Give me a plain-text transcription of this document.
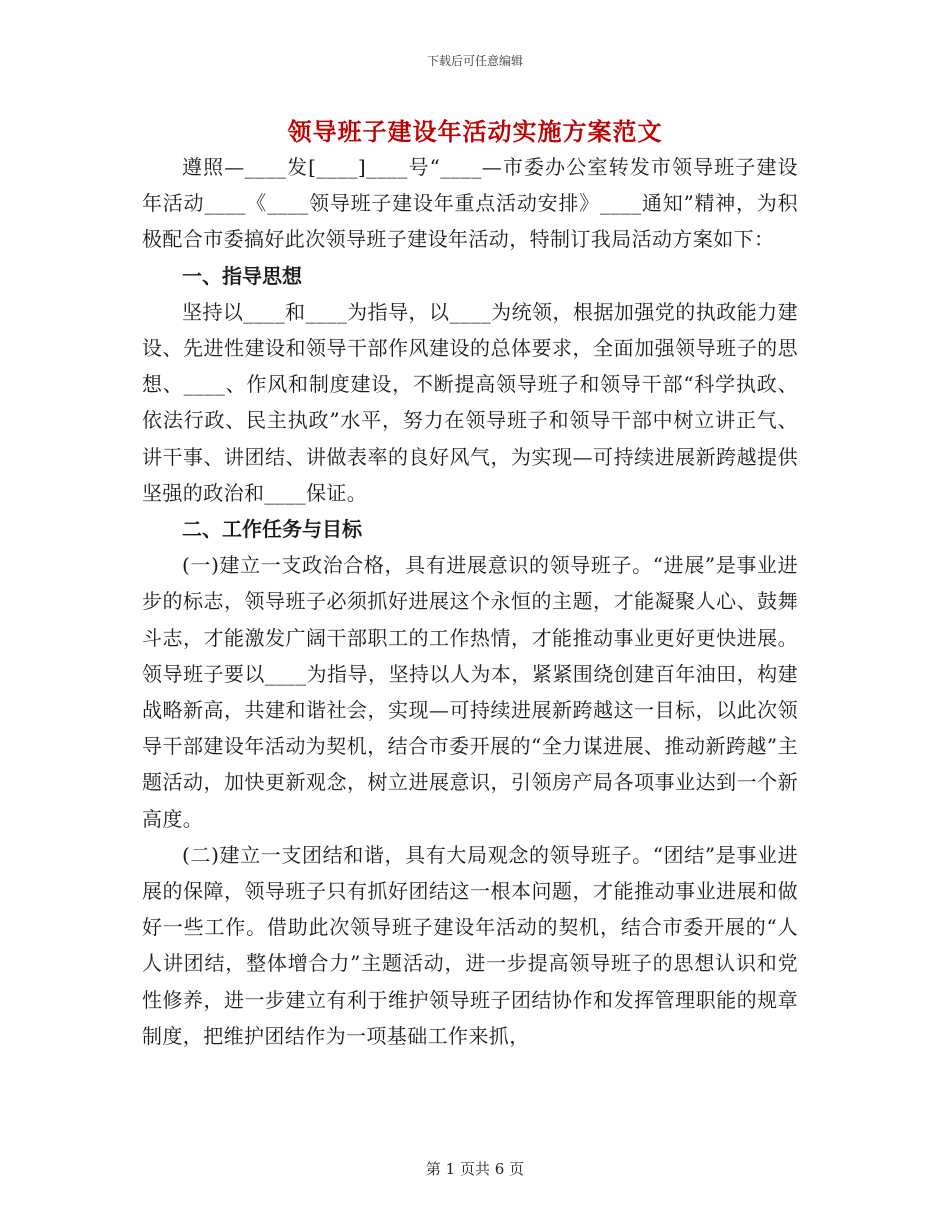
下载后可任意编辑
领导班子建设年活动实施方案范文

遵照—____发[____]____号“____—市委办公室转发市领导班子建设年活动____《____领导班子建设年重点活动安排》____通知”精神，为积极配合市委搞好此次领导班子建设年活动，特制订我局活动方案如下：

一、指导思想

坚持以____和____为指导，以____为统领，根据加强党的执政能力建设、先进性建设和领导干部作风建设的总体要求，全面加强领导班子的思想、____、作风和制度建设，不断提高领导班子和领导干部“科学执政、依法行政、民主执政”水平，努力在领导班子和领导干部中树立讲正气、讲干事、讲团结、讲做表率的良好风气，为实现—可持续进展新跨越提供坚强的政治和____保证。

二、工作任务与目标

(一)建立一支政治合格，具有进展意识的领导班子。“进展”是事业进步的标志，领导班子必须抓好进展这个永恒的主题，才能凝聚人心、鼓舞斗志，才能激发广阔干部职工的工作热情，才能推动事业更好更快进展。领导班子要以____为指导，坚持以人为本，紧紧围绕创建百年油田，构建战略新高，共建和谐社会，实现—可持续进展新跨越这一目标，以此次领导干部建设年活动为契机，结合市委开展的“全力谋进展、推动新跨越”主题活动，加快更新观念，树立进展意识，引领房产局各项事业达到一个新高度。

(二)建立一支团结和谐，具有大局观念的领导班子。“团结”是事业进展的保障，领导班子只有抓好团结这一根本问题，才能推动事业进展和做好一些工作。借助此次领导班子建设年活动的契机，结合市委开展的“人人讲团结，整体增合力”主题活动，进一步提高领导班子的思想认识和党性修养，进一步建立有利于维护领导班子团结协作和发挥管理职能的规章制度，把维护团结作为一项基础工作来抓，

第 1 页共 6 页
